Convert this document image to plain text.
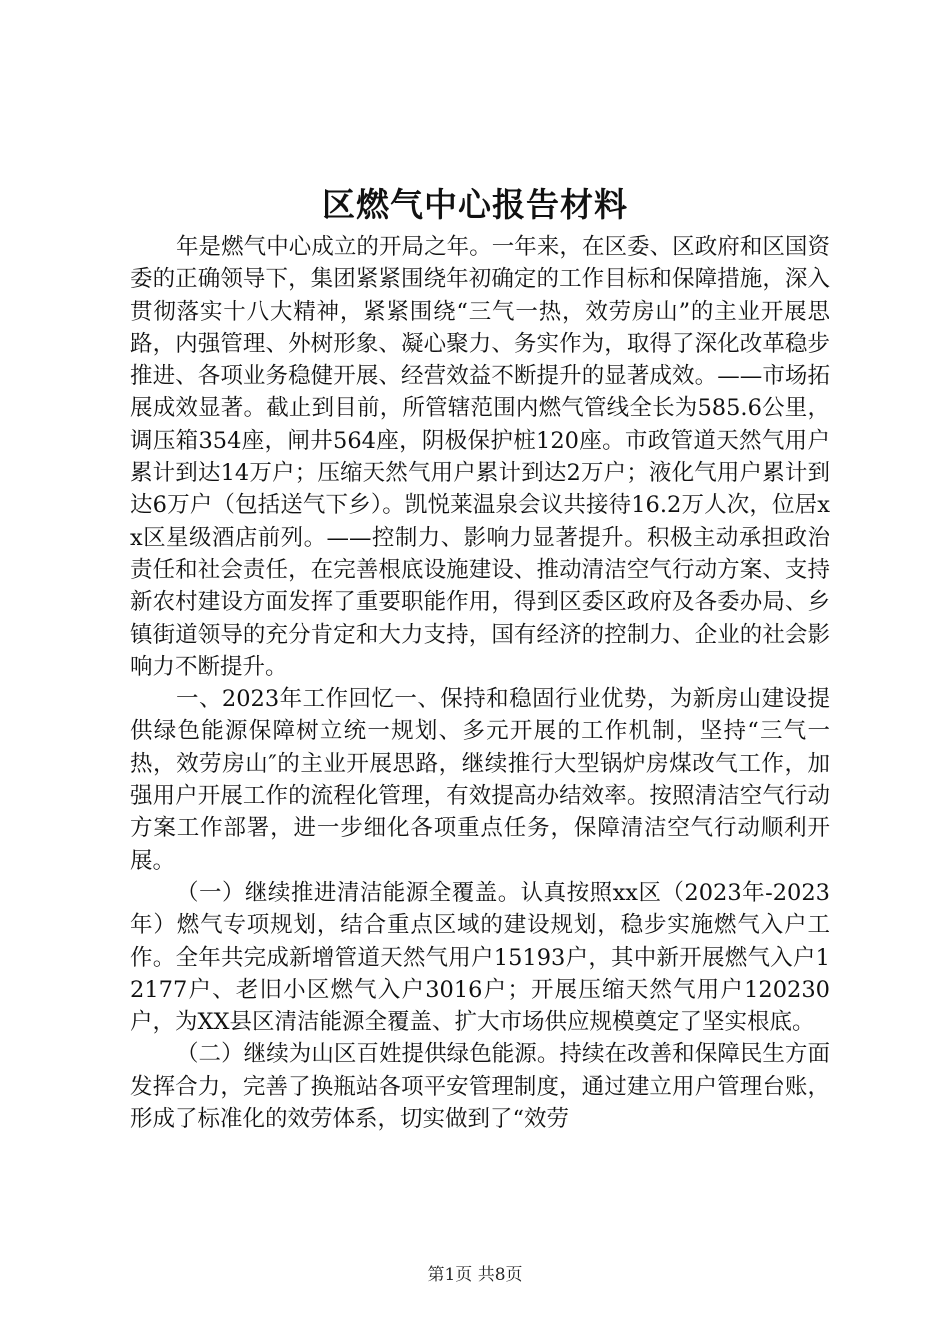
区燃气中心报告材料

年是燃气中心成立的开局之年。一年来，在区委、区政府和区国资委的正确领导下，集团紧紧围绕年初确定的工作目标和保障措施，深入贯彻落实十八大精神，紧紧围绕“三气一热，效劳房山”的主业开展思路，内强管理、外树形象、凝心聚力、务实作为，取得了深化改革稳步推进、各项业务稳健开展、经营效益不断提升的显著成效。——市场拓展成效显著。截止到目前，所管辖范围内燃气管线全长为585.6公里，调压箱354座，闸井564座，阴极保护桩120座。市政管道天然气用户累计到达14万户；压缩天然气用户累计到达2万户；液化气用户累计到达6万户（包括送气下乡）。凯悦莱温泉会议共接待16.2万人次，位居xx区星级酒店前列。——控制力、影响力显著提升。积极主动承担政治责任和社会责任，在完善根底设施建设、推动清洁空气行动方案、支持新农村建设方面发挥了重要职能作用，得到区委区政府及各委办局、乡镇街道领导的充分肯定和大力支持，国有经济的控制力、企业的社会影响力不断提升。

一、2023年工作回忆一、保持和稳固行业优势，为新房山建设提供绿色能源保障树立统一规划、多元开展的工作机制，坚持“三气一热，效劳房山″的主业开展思路，继续推行大型锅炉房煤改气工作，加强用户开展工作的流程化管理，有效提高办结效率。按照清洁空气行动方案工作部署，进一步细化各项重点任务，保障清洁空气行动顺利开展。

（一）继续推进清洁能源全覆盖。认真按照xx区（2023年-2023年）燃气专项规划，结合重点区域的建设规划，稳步实施燃气入户工作。全年共完成新增管道天然气用户15193户，其中新开展燃气入户12177户、老旧小区燃气入户3016户；开展压缩天然气用户120230户，为XX县区清洁能源全覆盖、扩大市场供应规模奠定了坚实根底。

（二）继续为山区百姓提供绿色能源。持续在改善和保障民生方面发挥合力，完善了换瓶站各项平安管理制度，通过建立用户管理台账，形成了标准化的效劳体系，切实做到了“效劳

第1页 共8页
